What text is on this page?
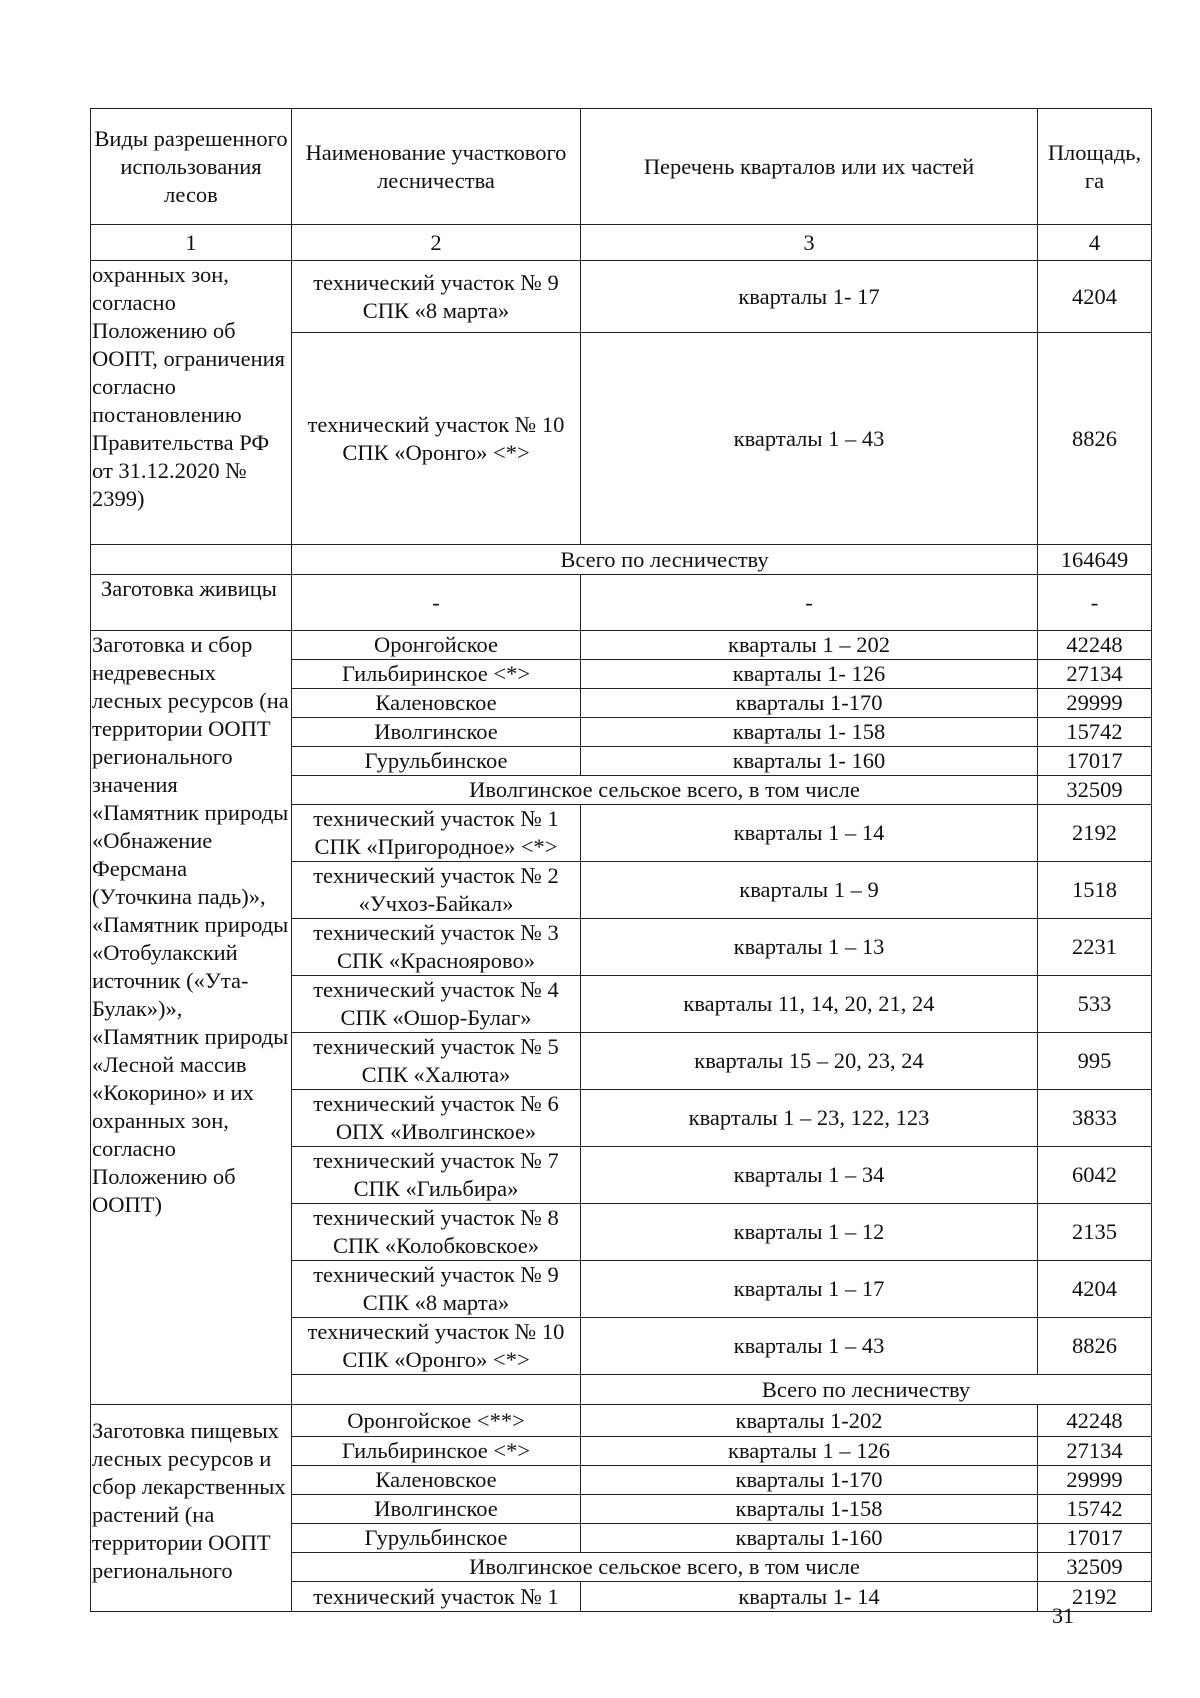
Виды разрешенного использования лесов	Наименование участкового лесничества	Перечень кварталов или их частей	Площадь, га	
1	2	3	4	
охранных зон, согласно Положению об ООПТ, ограничения согласно постановлению Правительства РФ от 31.12.2020 № 2399)	технический участок № 9 СПК «8 марта»	кварталы 1- 17	4204	
	технический участок № 10 СПК «Оронго» <*>	кварталы 1 – 43	8826	
	Всего по лесничеству		164649	
Заготовка живицы	-	-	-	
Заготовка и сбор недревесных лесных ресурсов (на территории ООПТ регионального значения «Памятник природы «Обнажение Ферсмана (Уточкина падь)», «Памятник природы «Отобулакский источник («Ута-Булак»)», «Памятник природы «Лесной массив «Кокорино» и их охранных зон, согласно Положению об ООПТ)	Оронгойское	кварталы 1 – 202	42248	
	Гильбиринское <*>	кварталы 1- 126	27134	
	Каленовское	кварталы 1-170	29999	
	Иволгинское	кварталы 1- 158	15742	
	Гурульбинское	кварталы 1- 160	17017	
	Иволгинское сельское всего, в том числе		32509	
	технический участок № 1 СПК «Пригородное» <*>	кварталы 1 – 14	2192	
	технический участок № 2 «Учхоз-Байкал»	кварталы 1 – 9	1518	
	технический участок № 3 СПК «Красноярово»	кварталы 1 – 13	2231	
	технический участок № 4 СПК «Ошор-Булаг»	кварталы 11, 14, 20, 21, 24	533	
	технический участок № 5 СПК «Халюта»	кварталы 15 – 20, 23, 24	995	
	технический участок № 6 ОПХ «Иволгинское»	кварталы 1 – 23, 122, 123	3833	
	технический участок № 7 СПК «Гильбира»	кварталы 1 – 34	6042	
	технический участок № 8 СПК «Колобковское»	кварталы 1 – 12	2135	
	технический участок № 9 СПК «8 марта»	кварталы 1 – 17	4204	
	технический участок № 10 СПК «Оронго» <*>	кварталы 1 – 43	8826	
		Всего по лесничеству	
Заготовка пищевых лесных ресурсов и сбор лекарственных растений (на территории ООПТ регионального	Оронгойское <**>	кварталы 1-202	42248	
	Гильбиринское <*>	кварталы 1 – 126	27134	
	Каленовское	кварталы 1-170	29999	
	Иволгинское	кварталы 1-158	15742	
	Гурульбинское	кварталы 1-160	17017	
	Иволгинское сельское всего, в том числе		32509	
	технический участок № 1	кварталы 1- 14	2192	
31
